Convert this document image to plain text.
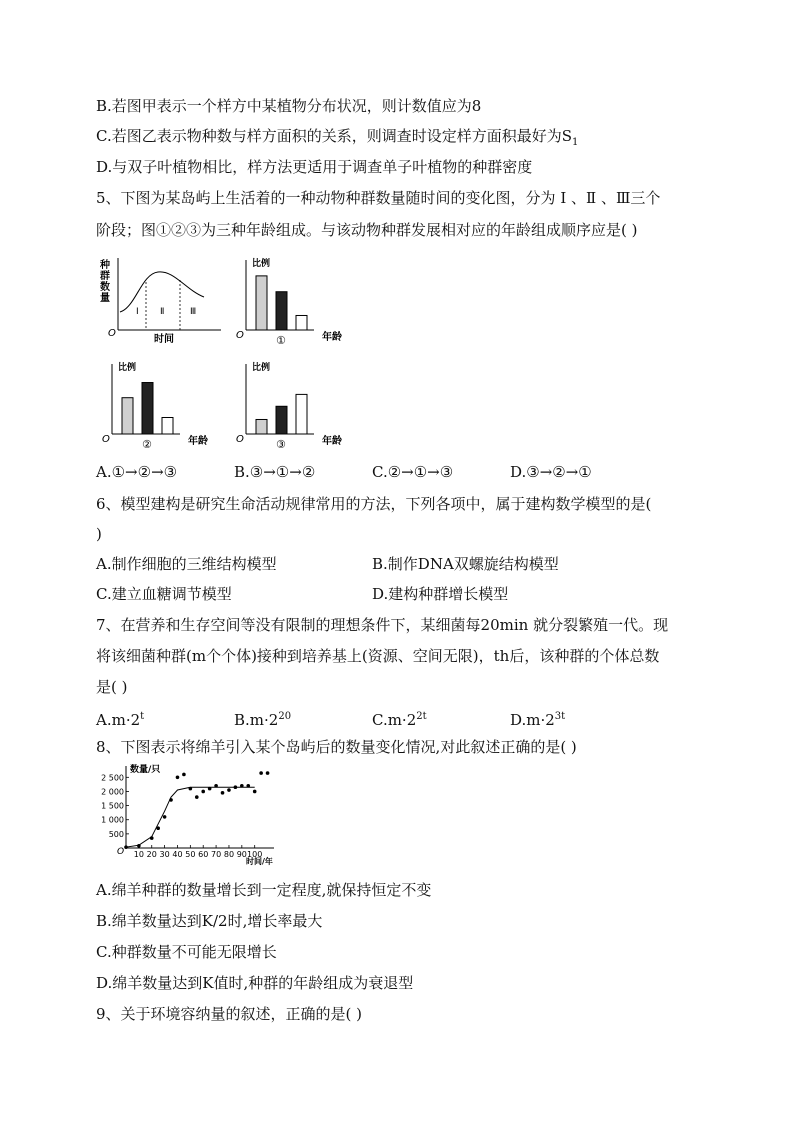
B.若图甲表示一个样方中某植物分布状况，则计数值应为8
C.若图乙表示物种数与样方面积的关系，则调查时设定样方面积最好为$S_1$
D.与双子叶植物相比，样方法更适用于调查单子叶植物的种群密度
5、下图为某岛屿上生活着的一种动物种群数量随时间的变化图，分为 Ⅰ 、Ⅱ 、Ⅲ三个
阶段；图①②③为三种年龄组成。与该动物种群发展相对应的年龄组成顺序应是( )
种
群
数
量
Ⅰ Ⅱ	Ⅲ
O
时间
比例
O	年龄
①
比例
O	年龄
②
比例
O	年龄
③
A.①→②→③	B.③→①→②	C.②→①→③	D.③→②→①
6、模型建构是研究生命活动规律常用的方法，下列各项中，属于建构数学模型的是(
)
A.制作细胞的三维结构模型	B.制作DNA双螺旋结构模型
C.建立血糖调节模型	D.建构种群增长模型
7、在营养和生存空间等没有限制的理想条件下，某细菌每20min 就分裂繁殖一代。现
将该细菌种群(m个个体)接种到培养基上(资源、空间无限)，th后，该种群的个体总数
是( )
$A.m\cdot 2^t$	$B.m\cdot 2^{20}$	$C.m\cdot 2^{2t}$	$D.m\cdot 2^{3t}$
8、下图表示将绵羊引入某个岛屿后的数量变化情况,对此叙述正确的是( )
数量/只
时间/年
O
500
1 000
1 500
2 000
2 500
10 20 30 40 50 60 70 80 90 100
A.绵羊种群的数量增长到一定程度,就保持恒定不变
B.绵羊数量达到K/2时,增长率最大
C.种群数量不可能无限增长
D.绵羊数量达到K值时,种群的年龄组成为衰退型
9、关于环境容纳量的叙述，正确的是( )
